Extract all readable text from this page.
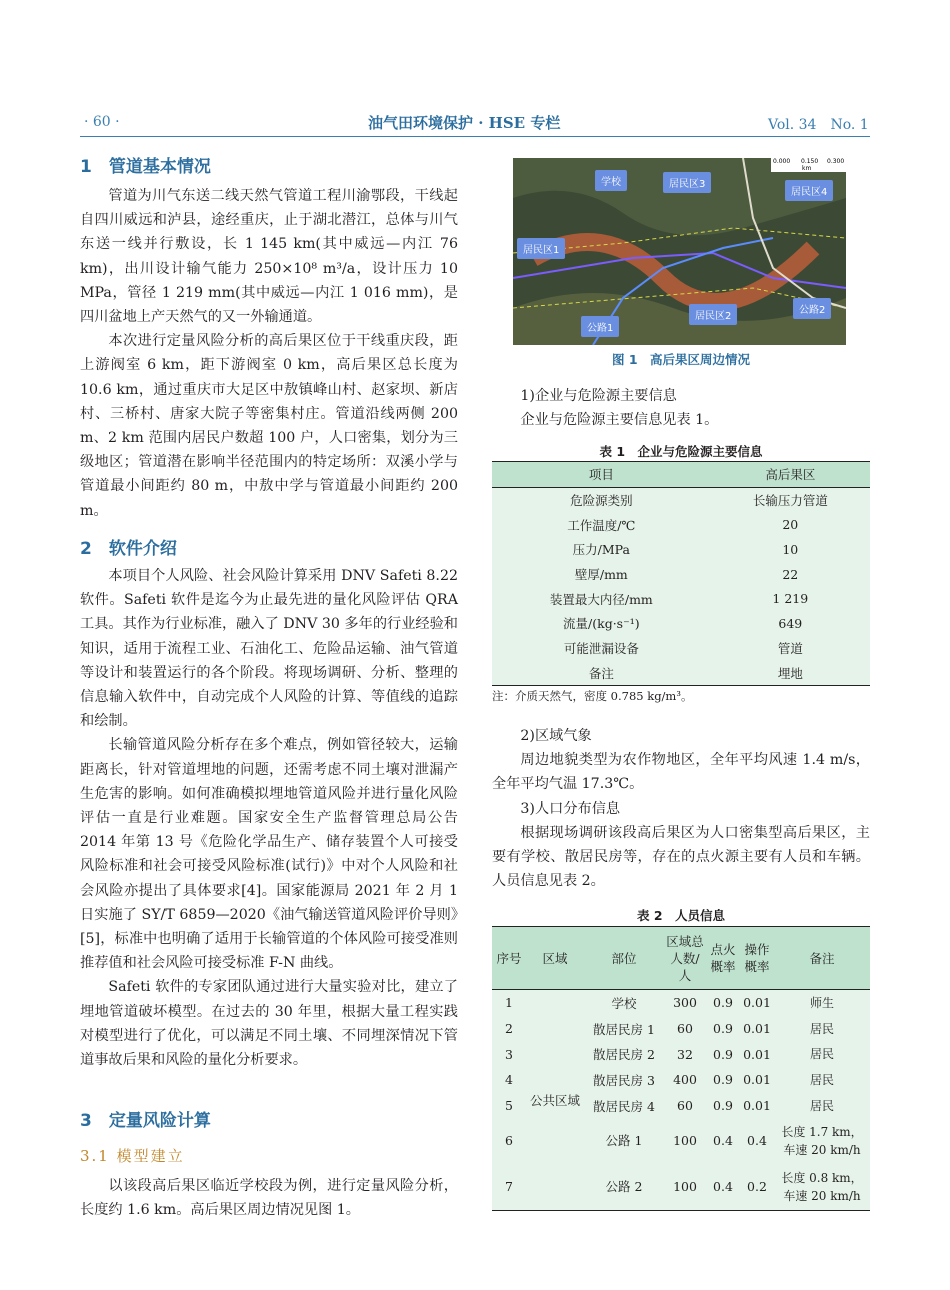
· 60 ·	油气田环境保护 · HSE 专栏	Vol. 34　No. 1
1　管道基本情况

管道为川气东送二线天然气管道工程川渝鄂段，干线起自四川威远和泸县，途经重庆，止于湖北潜江，总体与川气东送一线并行敷设，长 1 145 km(其中威远—内江 76 km)，出川设计输气能力 250×10⁸ m³/a，设计压力 10 MPa，管径 1 219 mm(其中威远—内江 1 016 mm)，是四川盆地上产天然气的又一外输通道。

本次进行定量风险分析的高后果区位于干线重庆段，距上游阀室 6 km，距下游阀室 0 km，高后果区总长度为 10.6 km，通过重庆市大足区中敖镇峰山村、赵家坝、新店村、三桥村、唐家大院子等密集村庄。管道沿线两侧 200 m、2 km 范围内居民户数超 100 户，人口密集，划分为三级地区；管道潜在影响半径范围内的特定场所：双溪小学与管道最小间距约 80 m，中敖中学与管道最小间距约 200 m。

2　软件介绍

本项目个人风险、社会风险计算采用 DNV Safeti 8.22 软件。Safeti 软件是迄今为止最先进的量化风险评估 QRA 工具。其作为行业标准，融入了 DNV 30 多年的行业经验和知识，适用于流程工业、石油化工、危险品运输、油气管道等设计和装置运行的各个阶段。将现场调研、分析、整理的信息输入软件中，自动完成个人风险的计算、等值线的追踪和绘制。

长输管道风险分析存在多个难点，例如管径较大，运输距离长，针对管道埋地的问题，还需考虑不同土壤对泄漏产生危害的影响。如何准确模拟埋地管道风险并进行量化风险评估一直是行业难题。国家安全生产监督管理总局公告 2014 年第 13 号《危险化学品生产、储存装置个人可接受风险标准和社会可接受风险标准(试行)》中对个人风险和社会风险亦提出了具体要求[4]。国家能源局 2021 年 2 月 1 日实施了 SY/T 6859—2020《油气输送管道风险评价导则》[5]，标准中也明确了适用于长输管道的个体风险可接受准则推荐值和社会风险可接受标准 F-N 曲线。

Safeti 软件的专家团队通过进行大量实验对比，建立了埋地管道破坏模型。在过去的 30 年里，根据大量工程实践对模型进行了优化，可以满足不同土壤、不同埋深情况下管道事故后果和风险的量化分析要求。

3　定量风险计算
3.1 模型建立

以该段高后果区临近学校段为例，进行定量风险分析，长度约 1.6 km。高后果区周边情况见图 1。

学校	居民区3
居民区4
居民区1
居民区2
公路2
公路1
0.000 0.150 0.300
km
图 1　高后果区周边情况

1)企业与危险源主要信息

企业与危险源主要信息见表 1。

表 1　企业与危险源主要信息
项目	高后果区
危险源类别	长输压力管道
工作温度/℃	20
压力/MPa	10
壁厚/mm	22
装置最大内径/mm	1 219
流量/(kg·s⁻¹)	649
可能泄漏设备	管道
备注	埋地
注：介质天然气，密度 0.785 kg/m³。

2)区域气象

周边地貌类型为农作物地区，全年平均风速 1.4 m/s，全年平均气温 17.3℃。

3)人口分布信息

根据现场调研该段高后果区为人口密集型高后果区，主要有学校、散居民房等，存在的点火源主要有人员和车辆。人员信息见表 2。

表 2　人员信息
序号	区域	部位	区域总人数/人	点火概率	操作概率	备注
1	公共区域	学校	300	0.9	0.01	师生
2		散居民房 1	60	0.9	0.01	居民
3		散居民房 2	32	0.9	0.01	居民
4		散居民房 3	400	0.9	0.01	居民
5		散居民房 4	60	0.9	0.01	居民
6		公路 1	100	0.4	0.4	长度 1.7 km，车速 20 km/h
7		公路 2	100	0.4	0.2	长度 0.8 km，车速 20 km/h
